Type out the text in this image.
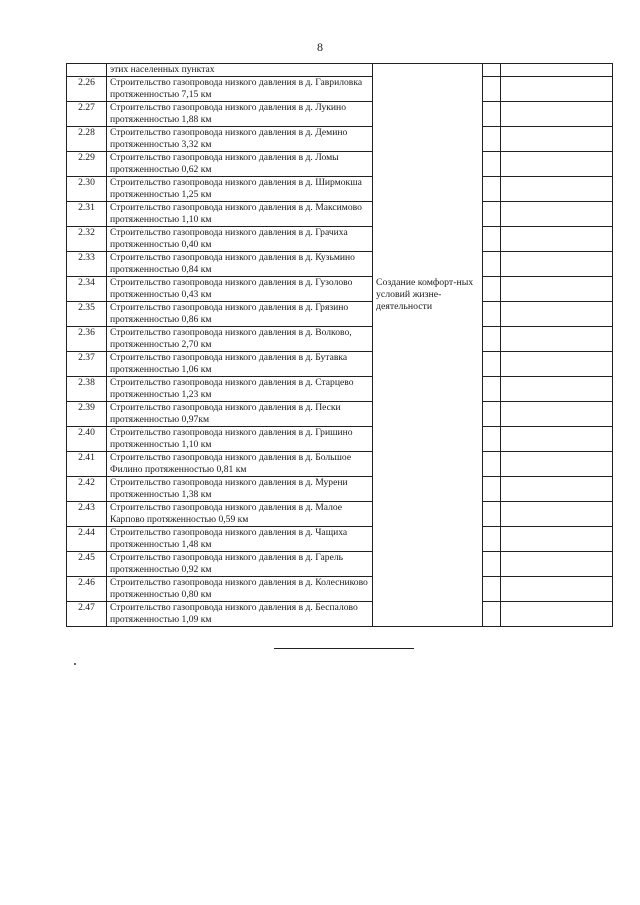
8
	этих населенных пунктах	Создание комфорт-ных условий жизне-деятельности		

2.26	Строительство газопровода низкого давления в д. Гавриловка протяженностью 7,15 км			
2.27	Строительство газопровода низкого давления в д. Лукино протяженностью 1,88 км			
2.28	Строительство газопровода низкого давления в д. Демино протяженностью 3,32 км			
2.29	Строительство газопровода низкого давления в д. Ломы протяженностью 0,62 км			
2.30	Строительство газопровода низкого давления в д. Ширмокша протяженностью 1,25 км			
2.31	Строительство газопровода низкого давления в д. Максимово протяженностью 1,10 км			
2.32	Строительство газопровода низкого давления в д. Грачиха протяженностью 0,40 км			
2.33	Строительство газопровода низкого давления в д. Кузьмино протяженностью 0,84 км			
2.34	Строительство газопровода низкого давления в д. Гузолово протяженностью 0,43 км			
2.35	Строительство газопровода низкого давления в д. Грязино протяженностью 0,86 км			
2.36	Строительство газопровода низкого давления в д. Волково, протяженностью 2,70 км			
2.37	Строительство газопровода низкого давления в д. Бутавка протяженностью 1,06 км			
2.38	Строительство газопровода низкого давления в д. Старцево протяженностью 1,23 км			
2.39	Строительство газопровода низкого давления в д. Пески протяженностью 0,97км			
2.40	Строительство газопровода низкого давления в д. Гришино протяженностью 1,10 км			
2.41	Строительство газопровода низкого давления в д. Большое Филино протяженностью 0,81 км			
2.42	Строительство газопровода низкого давления в д. Мурени протяженностью 1,38 км			
2.43	Строительство газопровода низкого давления в д. Малое Карпово протяженностью 0,59 км			
2.44	Строительство газопровода низкого давления в д. Чащиха протяженностью 1,48 км			
2.45	Строительство газопровода низкого давления в д. Гарель протяженностью 0,92 км			
2.46	Строительство газопровода низкого давления в д. Колесниково протяженностью 0,80 км			
2.47	Строительство газопровода низкого давления в д. Беспалово протяженностью 1,09 км			
